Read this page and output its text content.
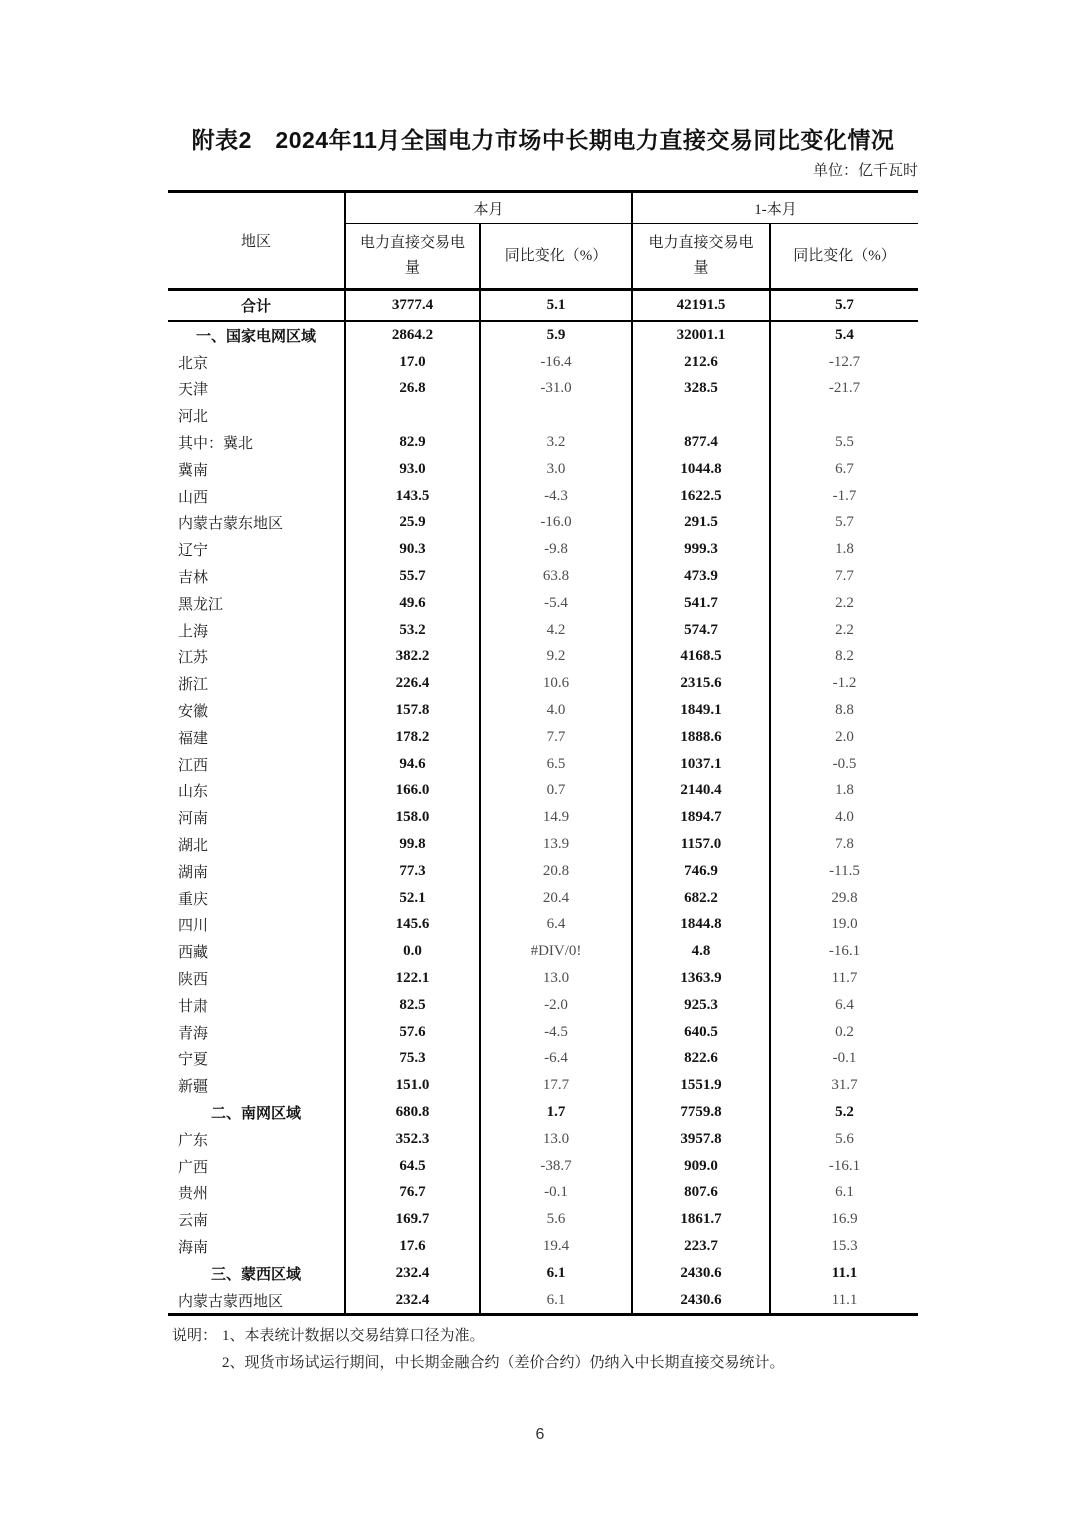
附表2　2024年11月全国电力市场中长期电力直接交易同比变化情况
单位：亿千瓦时
地区	本月		1-本月	
	电力直接交易电量	同比变化（%）	电力直接交易电量	同比变化（%）
合计	3777.4	5.1	42191.5	5.7
一、国家电网区域	2864.2	5.9	32001.1	5.4
北京	17.0	-16.4	212.6	-12.7
天津	26.8	-31.0	328.5	-21.7
河北				
其中：冀北	82.9	3.2	877.4	5.5
冀南	93.0	3.0	1044.8	6.7
山西	143.5	-4.3	1622.5	-1.7
内蒙古蒙东地区	25.9	-16.0	291.5	5.7
辽宁	90.3	-9.8	999.3	1.8
吉林	55.7	63.8	473.9	7.7
黑龙江	49.6	-5.4	541.7	2.2
上海	53.2	4.2	574.7	2.2
江苏	382.2	9.2	4168.5	8.2
浙江	226.4	10.6	2315.6	-1.2
安徽	157.8	4.0	1849.1	8.8
福建	178.2	7.7	1888.6	2.0
江西	94.6	6.5	1037.1	-0.5
山东	166.0	0.7	2140.4	1.8
河南	158.0	14.9	1894.7	4.0
湖北	99.8	13.9	1157.0	7.8
湖南	77.3	20.8	746.9	-11.5
重庆	52.1	20.4	682.2	29.8
四川	145.6	6.4	1844.8	19.0
西藏	0.0	#DIV/0!	4.8	-16.1
陕西	122.1	13.0	1363.9	11.7
甘肃	82.5	-2.0	925.3	6.4
青海	57.6	-4.5	640.5	0.2
宁夏	75.3	-6.4	822.6	-0.1
新疆	151.0	17.7	1551.9	31.7
二、南网区域	680.8	1.7	7759.8	5.2
广东	352.3	13.0	3957.8	5.6
广西	64.5	-38.7	909.0	-16.1
贵州	76.7	-0.1	807.6	6.1
云南	169.7	5.6	1861.7	16.9
海南	17.6	19.4	223.7	15.3
三、蒙西区域	232.4	6.1	2430.6	11.1
内蒙古蒙西地区	232.4	6.1	2430.6	11.1
说明： 1、本表统计数据以交易结算口径为准。
2、现货市场试运行期间，中长期金融合约（差价合约）仍纳入中长期直接交易统计。
6
